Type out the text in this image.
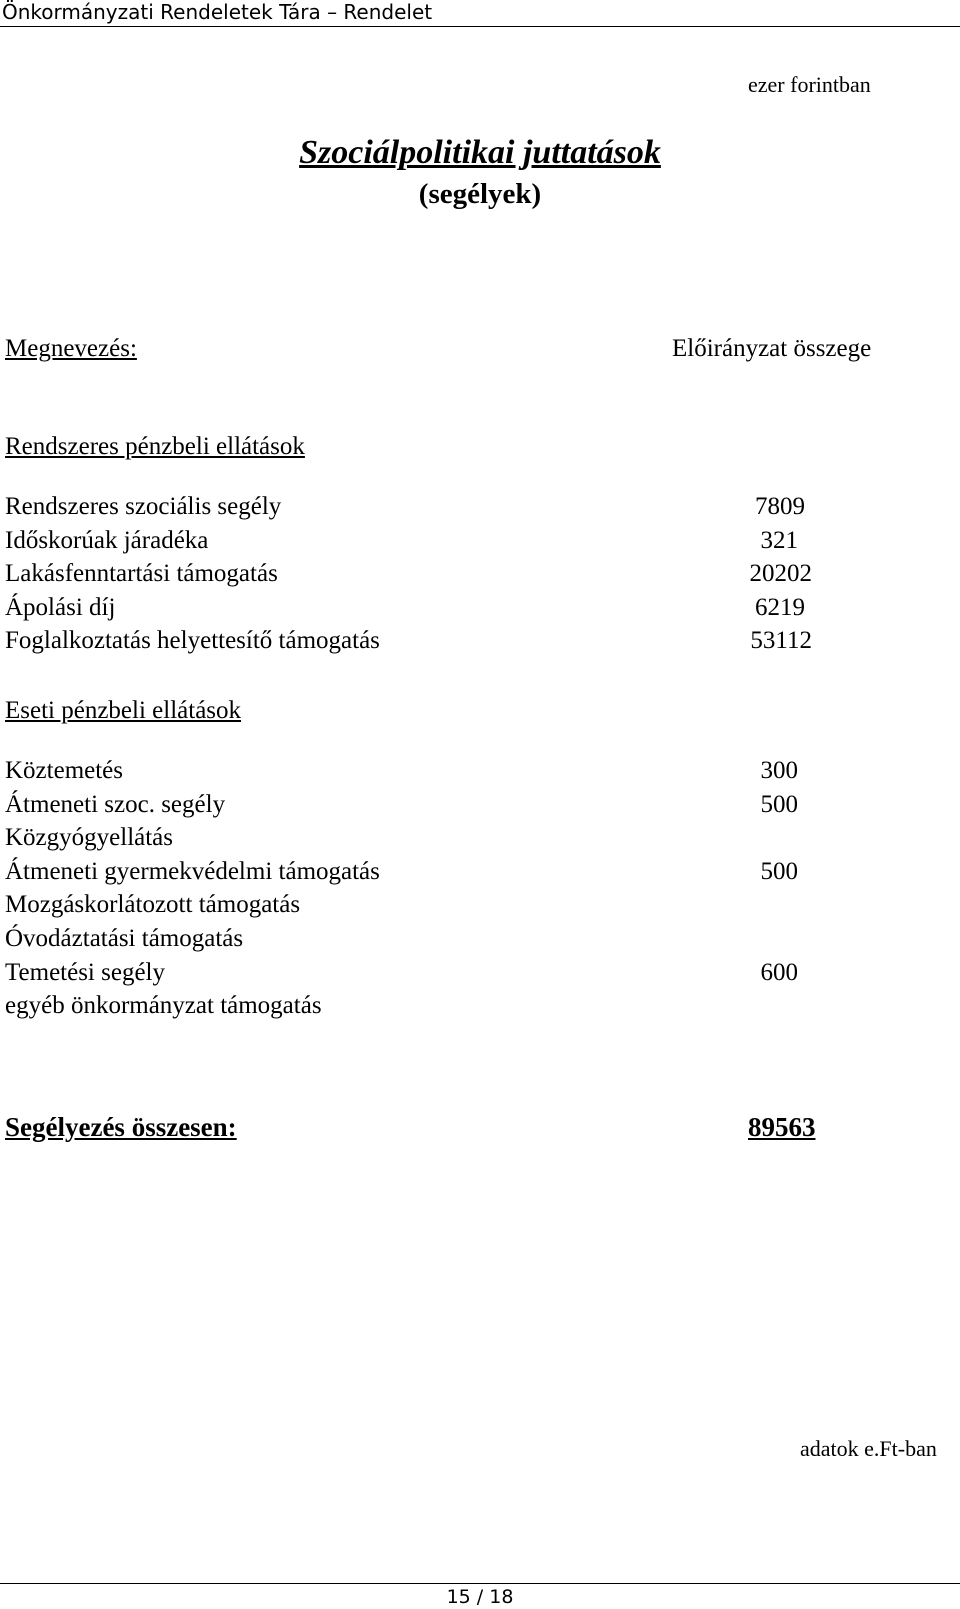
Önkormányzati Rendeletek Tára – Rendelet
ezer forintban
Szociálpolitikai juttatások
(segélyek)
Megnevezés:	Előirányzat összege
Rendszeres pénzbeli ellátások
Rendszeres szociális segély	7809
Időskorúak járadéka	321
Lakásfenntartási támogatás	20202
Ápolási díj	6219
Foglalkoztatás helyettesítő támogatás	53112
Eseti pénzbeli ellátások
Köztemetés	300
Átmeneti szoc. segély	500
Közgyógyellátás
Átmeneti gyermekvédelmi támogatás	500
Mozgáskorlátozott támogatás
Óvodáztatási támogatás
Temetési segély	600
egyéb önkormányzat támogatás
Segélyezés összesen:	89563
adatok e.Ft-ban
15 / 18
